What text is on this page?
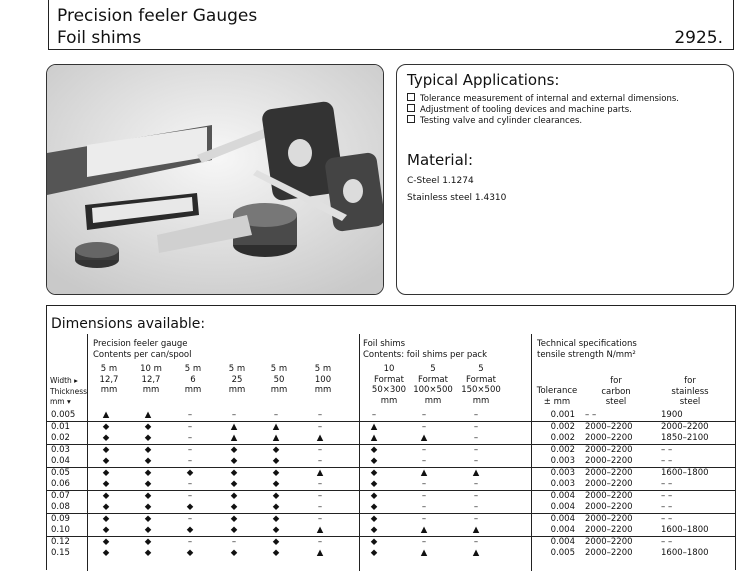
Precision feeler Gauges
Foil shims	2925.
Typical Applications:
Tolerance measurement of internal and external dimensions.
Adjustment of tooling devices and machine parts.
Testing valve and cylinder clearances.
Material:
C-Steel 1.1274
Stainless steel 1.4310
Dimensions available:
Precision feeler gauge
Contents per can/spool
Foil shims
Contents: foil shims per pack
Technical specifications
tensile strength N/mm²
Width ▸
Thickness
mm ▾
5 m
12,7
mm
10 m
12,7
mm
5 m
6
mm
5 m
25
mm
5 m
50
mm
5 m
100
mm
10
Format
50×300
mm
5
Format
100×500
mm
5
Format
150×500
mm
Tolerance
± mm
for
carbon
steel
for
stainless
steel
0.005	▲	▲	–	–	–	–	–	–	–	0.001 – –	1900
0.01	◆	◆	–	▲	▲	–	▲	–	–	0.002 2000–2200	2000–2200
0.02	◆	◆	–	▲	▲	▲	▲	▲	–	0.002 2000–2200	1850–2100
0.03	◆	◆	–	◆	◆	–	◆	–	–	0.002 2000–2200	– –
0.04	◆	◆	–	◆	◆	–	◆	–	–	0.003 2000–2200	– –
0.05	◆	◆	◆	◆	◆	▲	◆	▲	▲	0.003 2000–2200	1600–1800
0.06	◆	◆	–	◆	◆	–	◆	–	–	0.003 2000–2200	– –
0.07	◆	◆	–	◆	◆	–	◆	–	–	0.004 2000–2200	– –
0.08	◆	◆	◆	◆	◆	–	◆	–	–	0.004 2000–2200	– –
0.09	◆	◆	–	◆	◆	–	◆	–	–	0.004 2000–2200	– –
0.10	◆	◆	◆	◆	◆	▲	◆	▲	▲	0.004 2000–2200	1600–1800
0.12	◆	◆	–	–	◆	–	◆	–	–	0.004 2000–2200	– –
0.15	◆	◆	◆	◆	◆	▲	◆	▲	▲	0.005 2000–2200	1600–1800
